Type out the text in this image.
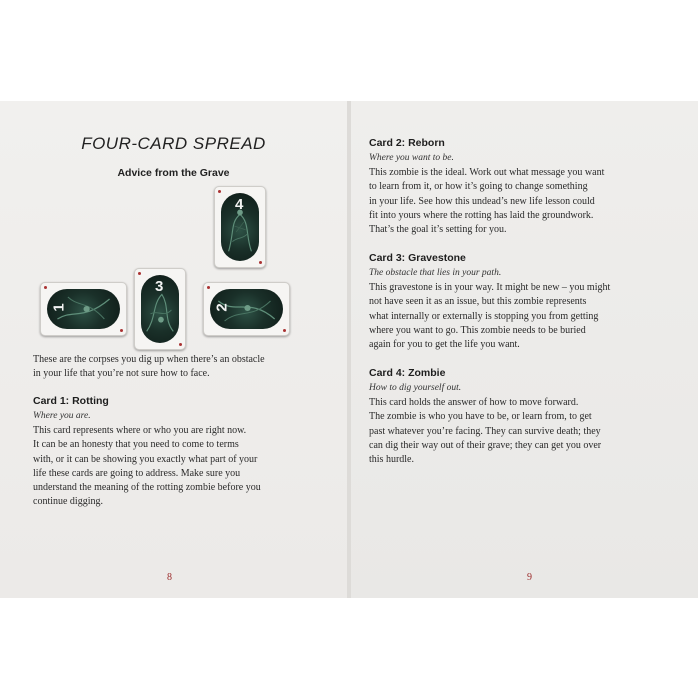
FOUR-CARD SPREAD
Advice from the Grave
4
1
3
2
These are the corpses you dig up when there’s an obstacle
in your life that you’re not sure how to face.
Card 1: Rotting
Where you are.
This card represents where or who you are right now.
It can be an honesty that you need to come to terms
with, or it can be showing you exactly what part of your
life these cards are going to address. Make sure you
understand the meaning of the rotting zombie before you
continue digging.
8
Card 2: Reborn
Where you want to be.
This zombie is the ideal. Work out what message you want
to learn from it, or how it’s going to change something
in your life. See how this undead’s new life lesson could
fit into yours where the rotting has laid the groundwork.
That’s the goal it’s setting for you.
Card 3: Gravestone
The obstacle that lies in your path.
This gravestone is in your way. It might be new – you might
not have seen it as an issue, but this zombie represents
what internally or externally is stopping you from getting
where you want to go. This zombie needs to be buried
again for you to get the life you want.
Card 4: Zombie
How to dig yourself out.
This card holds the answer of how to move forward.
The zombie is who you have to be, or learn from, to get
past whatever you’re facing. They can survive death; they
can dig their way out of their grave; they can get you over
this hurdle.
9
